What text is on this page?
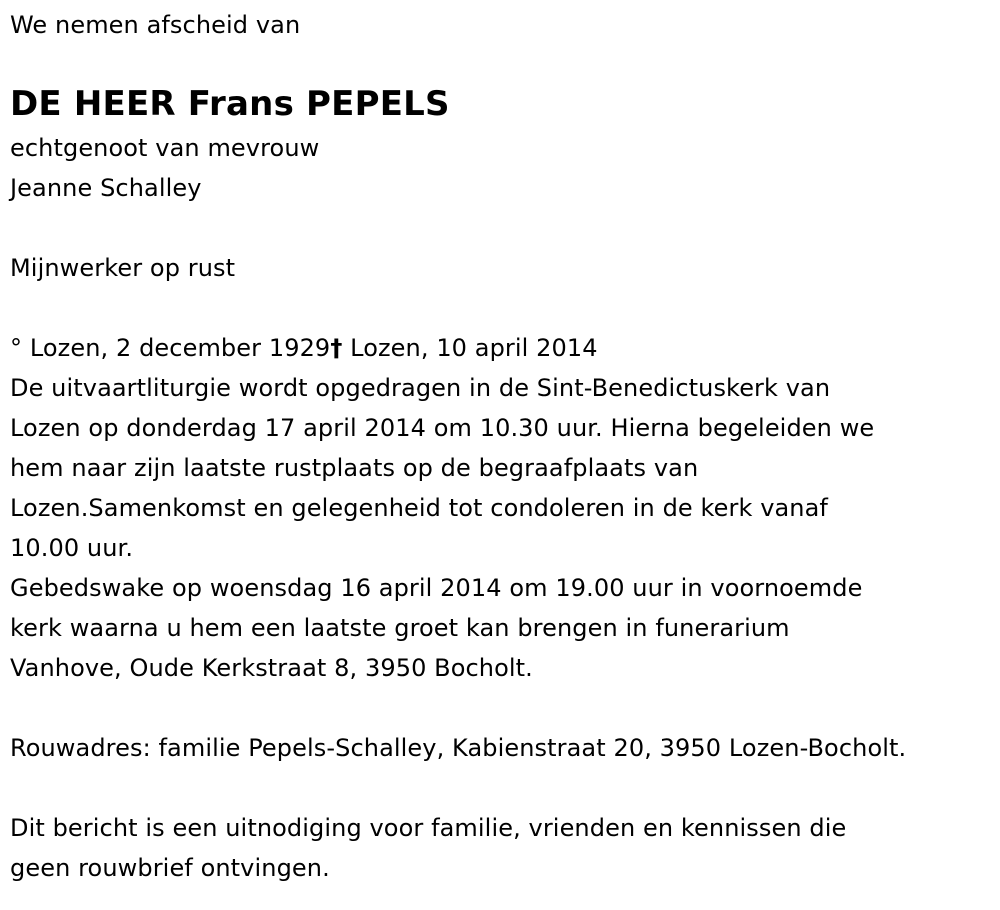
We nemen afscheid van
DE HEER Frans PEPELS
echtgenoot van mevrouw
Jeanne Schalley
Mijnwerker op rust
° Lozen, 2 december 1929† Lozen, 10 april 2014
De uitvaartliturgie wordt opgedragen in de Sint-Benedictuskerk van
Lozen op donderdag 17 april 2014 om 10.30 uur. Hierna begeleiden we
hem naar zijn laatste rustplaats op de begraafplaats van
Lozen.Samenkomst en gelegenheid tot condoleren in de kerk vanaf
10.00 uur.
Gebedswake op woensdag 16 april 2014 om 19.00 uur in voornoemde
kerk waarna u hem een laatste groet kan brengen in funerarium
Vanhove, Oude Kerkstraat 8, 3950 Bocholt.
Rouwadres: familie Pepels-Schalley, Kabienstraat 20, 3950 Lozen-Bocholt.
Dit bericht is een uitnodiging voor familie, vrienden en kennissen die
geen rouwbrief ontvingen.
